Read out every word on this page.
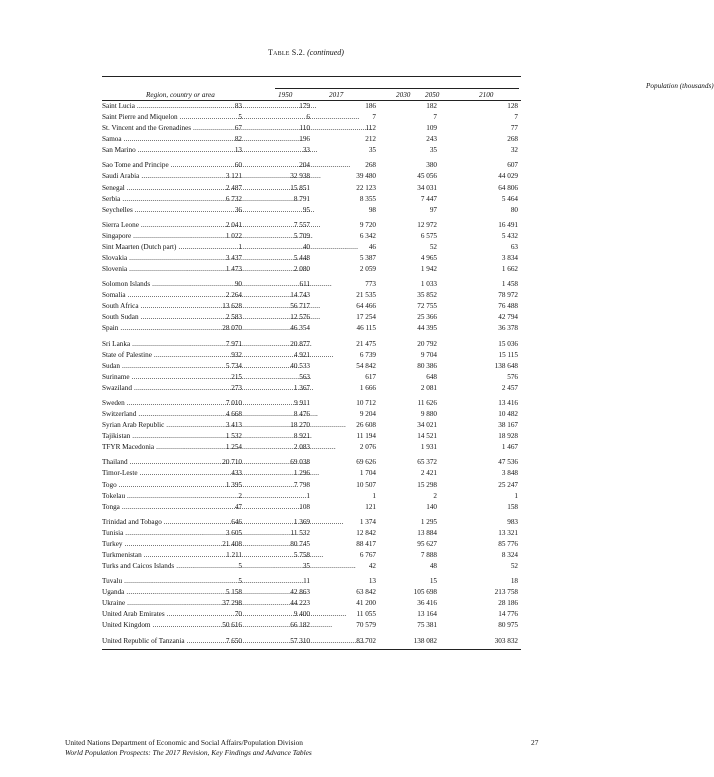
Table S.2. (continued)
Population (thousands)
Region, country or area	1950	2017	2030 2050	2100
Saint Lucia .....	83	179	186	182	128
Saint Pierre and Miquelon .....	5	6	7	7	7
St. Vincent and the Grenadines .....	67	110	112	109	77
Samoa .....	82	196	212	243	268
San Marino .....	13	33	35	35	32
Sao Tome and Principe .....	60	204	268	380	607
Saudi Arabia .....	3 121	32 938	39 480	45 056	44 029
Senegal .....	2 487	15 851	22 123	34 031	64 806
Serbia .....	6 732	8 791	8 355	7 447	5 464
Seychelles .....	36	95	98	97	80
Sierra Leone .....	2 041	7 557	9 720	12 972	16 491
Singapore .....	1 022	5 709	6 342	6 575	5 432
Sint Maarten (Dutch part) .....	1	40	46	52	63
Slovakia .....	3 437	5 448	5 387	4 965	3 834
Slovenia .....	1 473	2 080	2 059	1 942	1 662
Solomon Islands .....	90	611	773	1 033	1 458
Somalia .....	2 264	14 743	21 535	35 852	78 972
South Africa .....	13 628	56 717	64 466	72 755	76 488
South Sudan .....	2 583	12 576	17 254	25 366	42 794
Spain .....	28 070	46 354	46 115	44 395	36 378
Sri Lanka .....	7 971	20 877	21 475	20 792	15 036
State of Palestine .....	932	4 921	6 739	9 704	15 115
Sudan .....	5 734	40 533	54 842	80 386	138 648
Suriname .....	215	563	617	648	576
Swaziland .....	273	1 367	1 666	2 081	2 457
Sweden .....	7 010	9 911	10 712	11 626	13 416
Switzerland .....	4 668	8 476	9 204	9 880	10 482
Syrian Arab Republic .....	3 413	18 270	26 608	34 021	38 167
Tajikistan .....	1 532	8 921	11 194	14 521	18 928
TFYR Macedonia .....	1 254	2 083	2 076	1 931	1 467
Thailand .....	20 710	69 038	69 626	65 372	47 536
Timor-Leste .....	433	1 296	1 704	2 421	3 848
Togo .....	1 395	7 798	10 507	15 298	25 247
Tokelau .....	2	1	1	2	1
Tonga .....	47	108	121	140	158
Trinidad and Tobago .....	646	1 369	1 374	1 295	983
Tunisia .....	3 605	11 532	12 842	13 884	13 321
Turkey .....	21 408	80 745	88 417	95 627	85 776
Turkmenistan .....	1 211	5 758	6 767	7 888	8 324
Turks and Caicos Islands .....	5	35	42	48	52
Tuvalu .....	5	11	13	15	18
Uganda .....	5 158	42 863	63 842	105 698	213 758
Ukraine .....	37 298	44 223	41 200	36 416	28 186
United Arab Emirates .....	70	9 400	11 055	13 164	14 776
United Kingdom .....	50 616	66 182	70 579	75 381	80 975
United Republic of Tanzania .....	7 650	57 310	83 702	138 082	303 832
United Nations Department of Economic and Social Affairs/Population Division
World Population Prospects: The 2017 Revision, Key Findings and Advance Tables
27
